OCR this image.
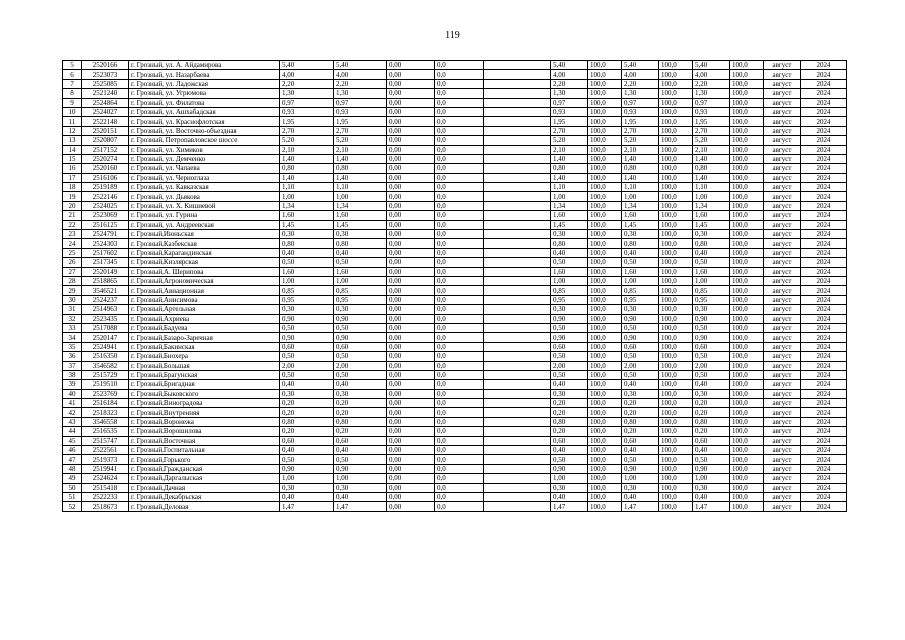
119
5	2520166	г. Грозный, ул. А. Айдамирова	5,40	5,40	0,00	0,0		5,40	100,0	5,40	100,0	5,40	100,0	август	2024
6	2523073	г. Грозный, ул. Назарбаева	4,00	4,00	0,00	0,0		4,00	100,0	4,00	100,0	4,00	100,0	август	2024
7	2525085	г. Грозный, ул. Ладожская	2,20	2,20	0,00	0,0		2,20	100,0	2,20	100,0	2,20	100,0	август	2024
8	2521240	г. Грозный, ул. Угрюмова	1,30	1,30	0,00	0,0		1,30	100,0	1,30	100,0	1,30	100,0	август	2024
9	2524864	г. Грозный, ул. Филатова	0,97	0,97	0,00	0,0		0,97	100,0	0,97	100,0	0,97	100,0	август	2024
10	2524027	г. Грозный, ул. Ашхабадская	0,93	0,93	0,00	0,0		0,93	100,0	0,93	100,0	0,93	100,0	август	2024
11	2522148	г. Грозный, ул. Краснофлотская	1,95	1,95	0,00	0,0		1,95	100,0	1,95	100,0	1,95	100,0	август	2024
12	2520151	г. Грозный, ул. Восточно-объездная	2,70	2,70	0,00	0,0		2,70	100,0	2,70	100,0	2,70	100,0	август	2024
13	2520807	г. Грозный, Петропавловское шоссе	5,20	5,20	0,00	0,0		5,20	100,0	5,20	100,0	5,20	100,0	август	2024
14	2517152	г. Грозный, ул. Химиков	2,10	2,10	0,00	0,0		2,10	100,0	2,10	100,0	2,10	100,0	август	2024
15	2520274	г. Грозный, ул. Демченко	1,40	1,40	0,00	0,0		1,40	100,0	1,40	100,0	1,40	100,0	август	2024
16	2520160	г. Грозный, ул. Чапаева	0,80	0,80	0,00	0,0		0,80	100,0	0,80	100,0	0,80	100,0	август	2024
17	2516106	г. Грозный, ул. Черноглаза	1,40	1,40	0,00	0,0		1,40	100,0	1,40	100,0	1,40	100,0	август	2024
18	2519189	г. Грозный, ул. Кавказская	1,10	1,10	0,00	0,0		1,10	100,0	1,10	100,0	1,10	100,0	август	2024
19	2522146	г. Грозный, ул. Дьякова	1,00	1,00	0,00	0,0		1,00	100,0	1,00	100,0	1,00	100,0	август	2024
20	2524025	г. Грозный, ул. Х. Кишиевой	1,34	1,34	0,00	0,0		1,34	100,0	1,34	100,0	1,34	100,0	август	2024
21	2523069	г. Грозный, ул. Гурина	1,60	1,60	0,00	0,0		1,60	100,0	1,60	100,0	1,60	100,0	август	2024
22	2516125	г. Грозный, ул. Андреевская	1,45	1,45	0,00	0,0		1,45	100,0	1,45	100,0	1,45	100,0	август	2024
23	2524791	г. Грозный,Июньская	0,30	0,30	0,00	0,0		0,30	100,0	0,30	100,0	0,30	100,0	август	2024
24	2524303	г. Грозный,Казбекская	0,80	0,80	0,00	0,0		0,80	100,0	0,80	100,0	0,80	100,0	август	2024
25	2517602	г. Грозный,Карагандинская	0,40	0,40	0,00	0,0		0,40	100,0	0,40	100,0	0,40	100,0	август	2024
26	2517345	г. Грозный,Кизлярская	0,50	0,50	0,00	0,0		0,50	100,0	0,50	100,0	0,50	100,0	август	2024
27	2520149	г. Грозный,А. Шерипова	1,60	1,60	0,00	0,0		1,60	100,0	1,60	100,0	1,60	100,0	август	2024
28	2518865	г. Грозный,Агрономическая	1,00	1,00	0,00	0,0		1,00	100,0	1,00	100,0	1,00	100,0	август	2024
29	3546521	г. Грозный,Авиационная	0,85	0,85	0,00	0,0		0,85	100,0	0,85	100,0	0,85	100,0	август	2024
30	2524237	г. Грозный,Анисимова	0,95	0,95	0,00	0,0		0,95	100,0	0,95	100,0	0,95	100,0	август	2024
31	2514963	г. Грозный,Артельная	0,30	0,30	0,00	0,0		0,30	100,0	0,30	100,0	0,30	100,0	август	2024
32	2523435	г. Грозный,Ахриева	0,90	0,90	0,00	0,0		0,90	100,0	0,90	100,0	0,90	100,0	август	2024
33	2517088	г. Грозный,Бадуева	0,50	0,50	0,00	0,0		0,50	100,0	0,50	100,0	0,50	100,0	август	2024
34	2520147	г. Грозный,Базаро-Заречная	0,90	0,90	0,00	0,0		0,90	100,0	0,90	100,0	0,90	100,0	август	2024
35	2524941	г. Грозный,Бакинская	0,60	0,60	0,00	0,0		0,60	100,0	0,60	100,0	0,60	100,0	август	2024
36	2516350	г. Грозный,Бнохера	0,50	0,50	0,00	0,0		0,50	100,0	0,50	100,0	0,50	100,0	август	2024
37	3546582	г. Грозный,Большая	2,00	2,00	0,00	0,0		2,00	100,0	2,00	100,0	2,00	100,0	август	2024
38	2515729	г. Грозный,Брагунская	0,50	0,50	0,00	0,0		0,50	100,0	0,50	100,0	0,50	100,0	август	2024
39	2519510	г. Грозный,Бригадная	0,40	0,40	0,00	0,0		0,40	100,0	0,40	100,0	0,40	100,0	август	2024
40	2523769	г. Грозный,Быковского	0,30	0,30	0,00	0,0		0,30	100,0	0,30	100,0	0,30	100,0	август	2024
41	2516184	г. Грозный,Виноградова	0,20	0,20	0,00	0,0		0,20	100,0	0,20	100,0	0,20	100,0	август	2024
42	2518323	г. Грозный,Внутренняя	0,20	0,20	0,00	0,0		0,20	100,0	0,20	100,0	0,20	100,0	август	2024
43	3546558	г. Грозный,Воронежа	0,80	0,80	0,00	0,0		0,80	100,0	0,80	100,0	0,80	100,0	август	2024
44	2516535	г. Грозный,Ворошилова	0,20	0,20	0,00	0,0		0,20	100,0	0,20	100,0	0,20	100,0	август	2024
45	2515747	г. Грозный,Восточная	0,60	0,60	0,00	0,0		0,60	100,0	0,60	100,0	0,60	100,0	август	2024
46	2522561	г. Грозный,Госпитальная	0,40	0,40	0,00	0,0		0,40	100,0	0,40	100,0	0,40	100,0	август	2024
47	2519373	г. Грозный,Горького	0,50	0,50	0,00	0,0		0,50	100,0	0,50	100,0	0,50	100,0	август	2024
48	2519941	г. Грозный,Гражданская	0,90	0,90	0,00	0,0		0,90	100,0	0,90	100,0	0,90	100,0	август	2024
49	2524624	г. Грозный,Даргалыская	1,00	1,00	0,00	0,0		1,00	100,0	1,00	100,0	1,00	100,0	август	2024
50	2515418	г. Грозный,Дачная	0,30	0,30	0,00	0,0		0,30	100,0	0,30	100,0	0,30	100,0	август	2024
51	2522233	г. Грозный,Декабрьская	0,40	0,40	0,00	0,0		0,40	100,0	0,40	100,0	0,40	100,0	август	2024
52	2518673	г. Грозный,Деловая	1,47	1,47	0,00	0,0		1,47	100,0	1,47	100,0	1,47	100,0	август	2024
